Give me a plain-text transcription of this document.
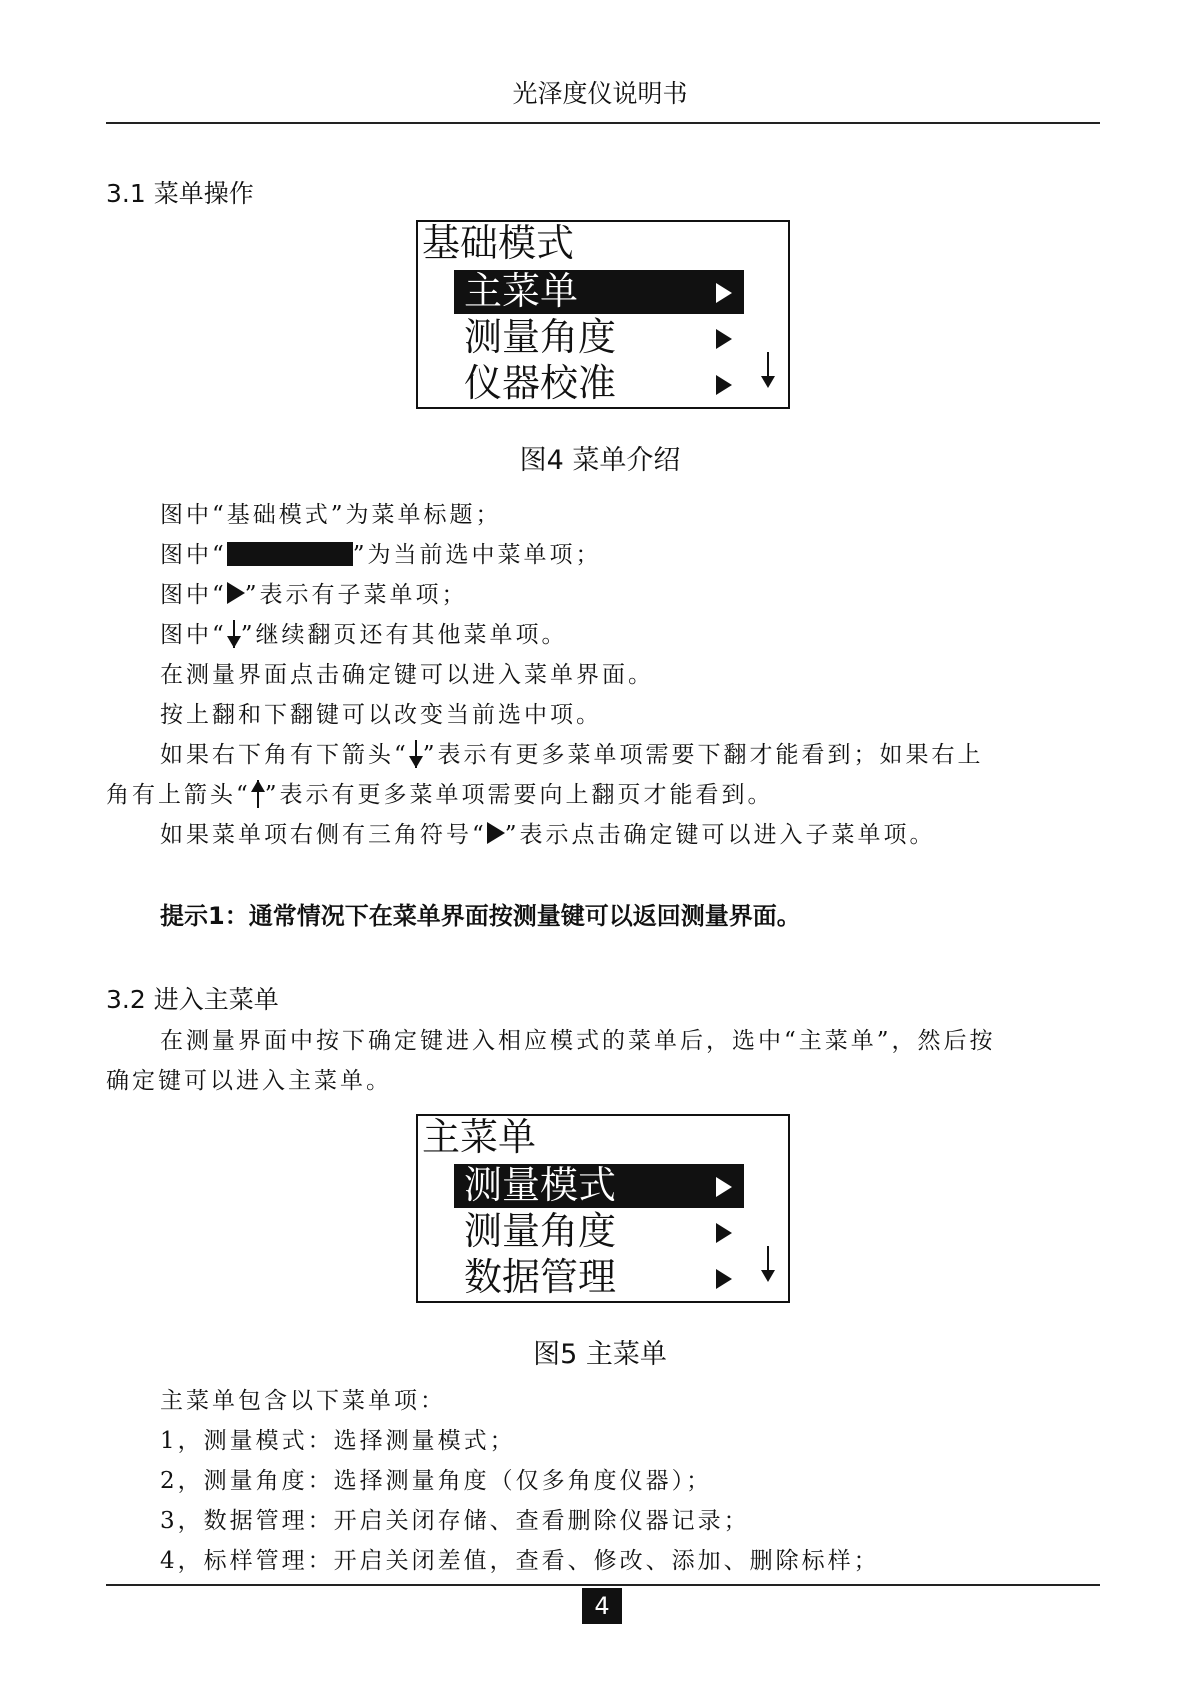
光泽度仪说明书
3.1 菜单操作
基础模式
主菜单
测量角度
仪器校准
图4 菜单介绍
图中“基础模式”为菜单标题；
图中“	”为当前选中菜单项；
图中“ ”表示有子菜单项；
图中“ ”继续翻页还有其他菜单项。
在测量界面点击确定键可以进入菜单界面。
按上翻和下翻键可以改变当前选中项。
如果右下角有下箭头“ ”表示有更多菜单项需要下翻才能看到；如果右上
角有上箭头“ ”表示有更多菜单项需要向上翻页才能看到。
如果菜单项右侧有三角符号“ ”表示点击确定键可以进入子菜单项。
提示1：通常情况下在菜单界面按测量键可以返回测量界面。
3.2 进入主菜单
在测量界面中按下确定键进入相应模式的菜单后，选中“主菜单”，然后按
确定键可以进入主菜单。
主菜单
测量模式
测量角度
数据管理
图5 主菜单
主菜单包含以下菜单项：
1，测量模式：选择测量模式；
2，测量角度：选择测量角度（仅多角度仪器）；
3，数据管理：开启关闭存储、查看删除仪器记录；
4，标样管理：开启关闭差值，查看、修改、添加、删除标样；
4
